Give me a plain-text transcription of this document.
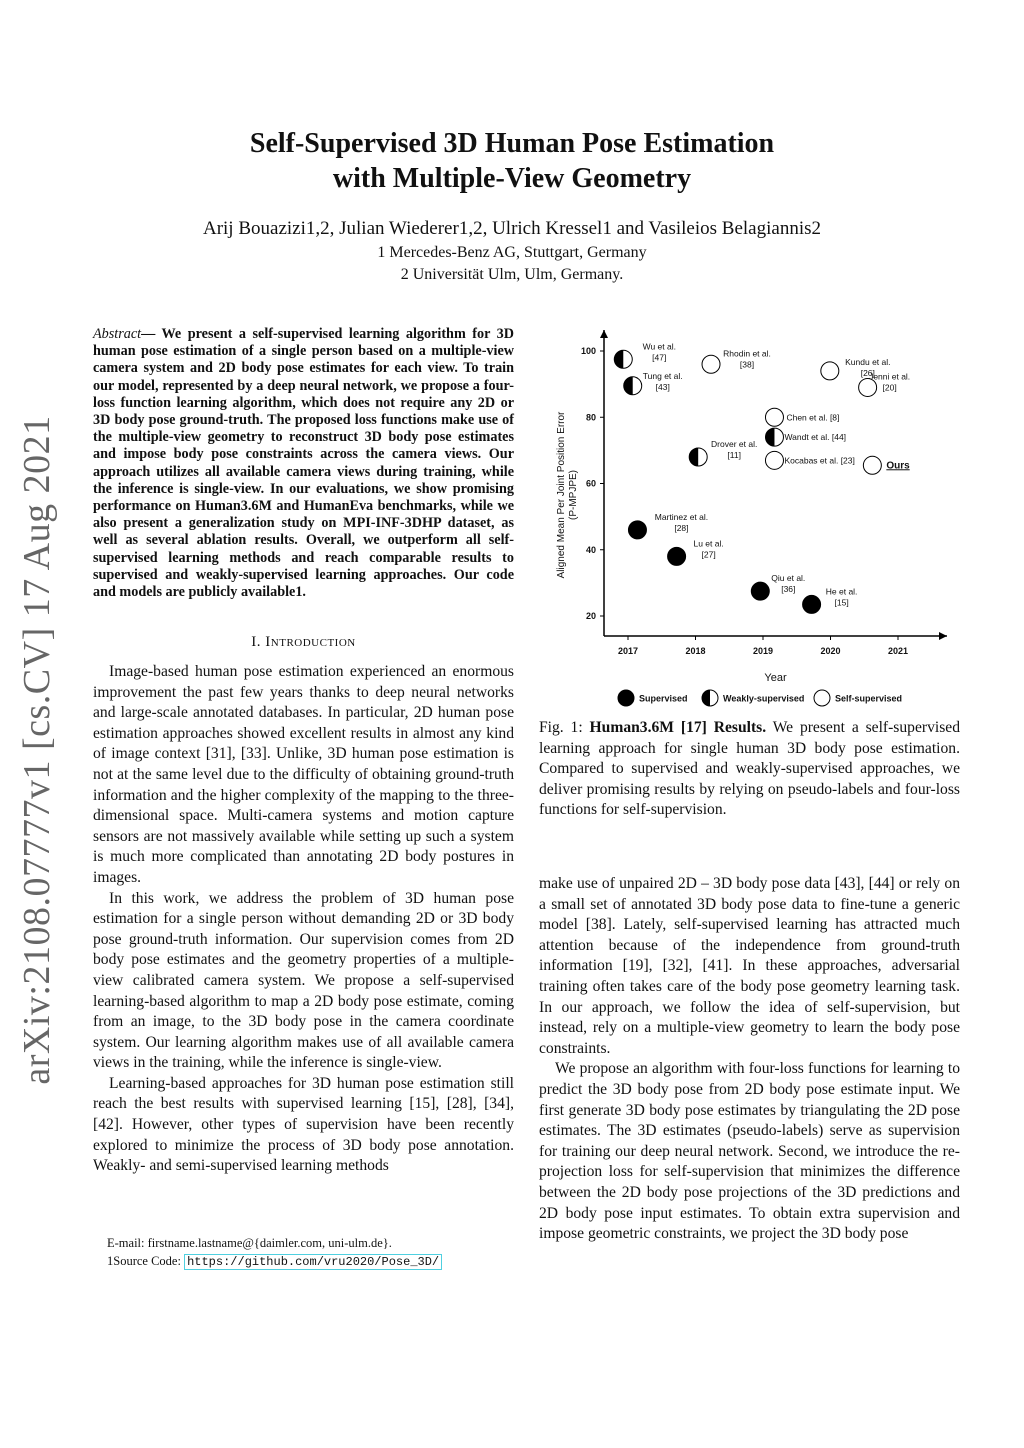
arXiv:2108.07777v1 [cs.CV] 17 Aug 2021
Self-Supervised 3D Human Pose Estimation
with Multiple-View Geometry
Arij Bouazizi1,2, Julian Wiederer1,2, Ulrich Kressel1 and Vasileios Belagiannis2
1 Mercedes-Benz AG, Stuttgart, Germany
2 Universität Ulm, Ulm, Germany.
Abstract— We present a self-supervised learning algorithm for 3D human pose estimation of a single person based on a multiple-view camera system and 2D body pose estimates for each view. To train our model, represented by a deep neural network, we propose a four-loss function learning algorithm, which does not require any 2D or 3D body pose ground-truth. The proposed loss functions make use of the multiple-view geometry to reconstruct 3D body pose estimates and impose body pose constraints across the camera views. Our approach utilizes all available camera views during training, while the inference is single-view. In our evaluations, we show promising performance on Human3.6M and HumanEva benchmarks, while we also present a generalization study on MPI-INF-3DHP dataset, as well as several ablation results. Overall, we outperform all self-supervised learning methods and reach comparable results to supervised and weakly-supervised learning approaches. Our code and models are publicly available1.
I. Introduction

Image-based human pose estimation experienced an enormous improvement the past few years thanks to deep neural networks and large-scale annotated databases. In particular, 2D human pose estimation approaches showed excellent results in almost any kind of image context [31], [33]. Unlike, 3D human pose estimation is not at the same level due to the difficulty of obtaining ground-truth information and the higher complexity of the mapping to the three-dimensional space. Multi-camera systems and motion capture sensors are not massively available while setting up such a system is much more complicated than annotating 2D body postures in images.

In this work, we address the problem of 3D human pose estimation for a single person without demanding 2D or 3D body pose ground-truth information. Our supervision comes from 2D body pose estimates and the geometry properties of a multiple-view calibrated camera system. We propose a self-supervised learning-based algorithm to map a 2D body pose estimate, coming from an image, to the 3D body pose in the camera coordinate system. Our learning algorithm makes use of all available camera views in the training, while the inference is single-view.

Learning-based approaches for 3D human pose estimation still reach the best results with supervised learning [15], [28], [34], [42]. However, other types of supervision have been recently explored to minimize the process of 3D body pose annotation. Weakly- and semi-supervised learning methods

E-mail: firstname.lastname@{daimler.com, uni-ulm.de}.
1Source Code: https://github.com/vru2020/Pose_3D/
2017	2018	2019	2020	2021
20
40
60
80
100
Year
Aligned Mean Per Joint Position Error (P-MPJPE)
Wu et al.
[47]
Tung et al.
[43]
Rhodin et al.
[38]	Kundu et al.
[26]
Jenni et al.
[20]
Chen et al. [8]
Wandt et al. [44]
Drover et al.
[11]
Kocabas et al. [23]	Ours
Martinez et al.
[28]
Lu et al.
[27]
Qiu et al.
[36]	He et al.
[15]
Supervised	Weakly-supervised	Self-supervised
Fig. 1: Human3.6M [17] Results. We present a self-supervised learning approach for single human 3D body pose estimation. Compared to supervised and weakly-supervised approaches, we deliver promising results by relying on pseudo-labels and four-loss functions for self-supervision.

make use of unpaired 2D – 3D body pose data [43], [44] or rely on a small set of annotated 3D body pose data to fine-tune a generic model [38]. Lately, self-supervised learning has attracted much attention because of the independence from ground-truth information [19], [32], [41]. In these approaches, adversarial training often takes care of the body pose geometry learning task. In our approach, we follow the idea of self-supervision, but instead, rely on a multiple-view geometry to learn the body pose constraints.

We propose an algorithm with four-loss functions for learning to predict the 3D body pose from 2D body pose estimate input. We first generate 3D body pose estimates by triangulating the 2D pose estimates. The 3D estimates (pseudo-labels) serve as supervision for training our deep neural network. Second, we introduce the re-projection loss for self-supervision that minimizes the difference between the 2D body pose projections of the 3D predictions and 2D body pose input estimates. To obtain extra supervision and impose geometric constraints, we project the 3D body pose
